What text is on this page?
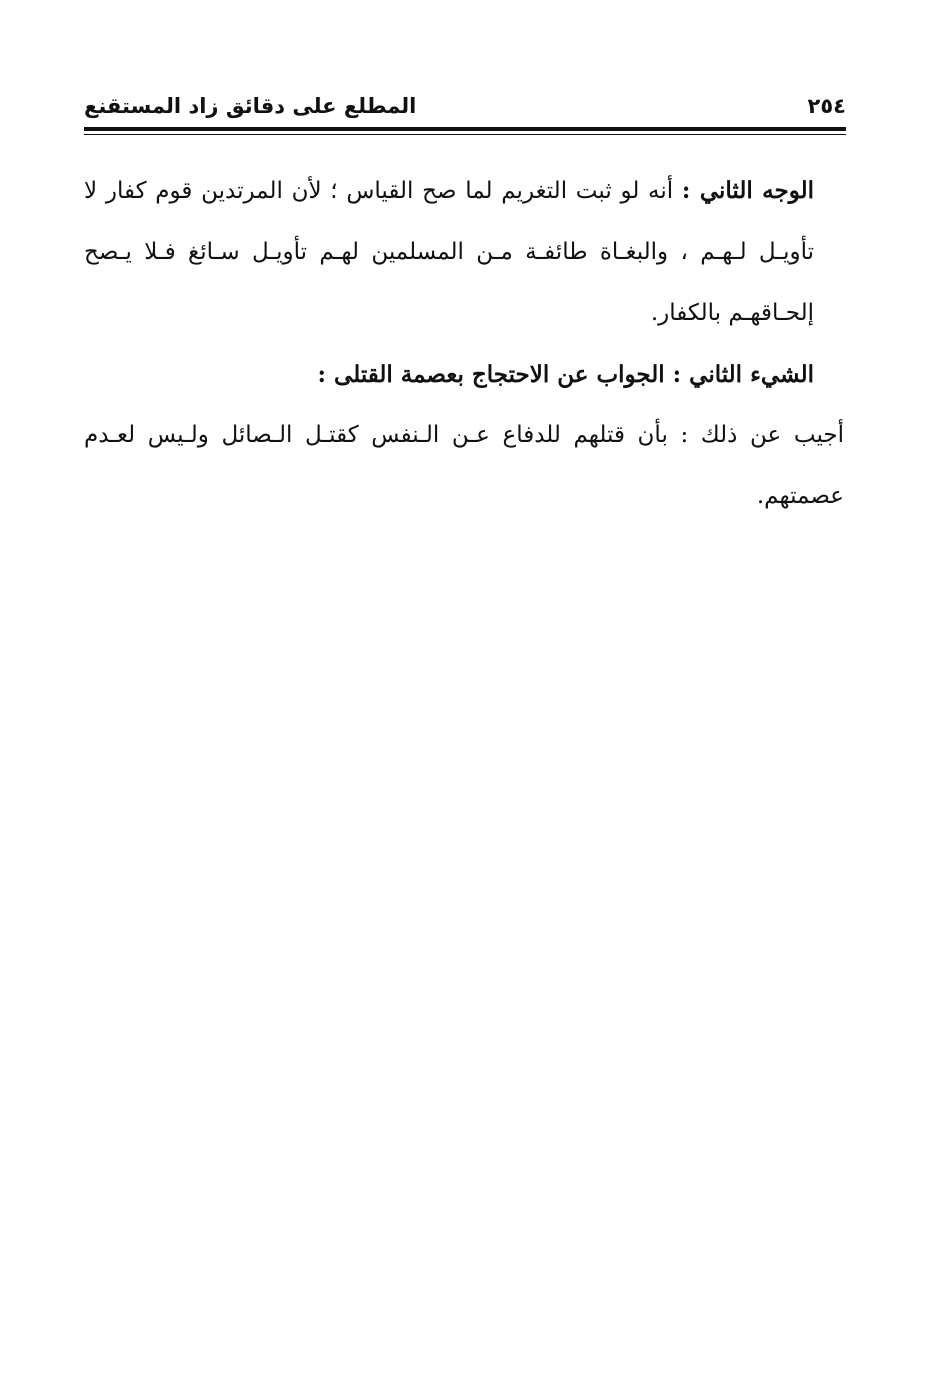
المطلع على دقائق زاد المستقنع	٢٥٤

الوجه الثاني : أنه لو ثبت التغريم لما صح القياس ؛ لأن المرتدين قوم كفار لا تأويـل لـهـم ، والبغـاة طائفـة مـن المسلمين لهـم تأويـل سـائغ فـلا يـصح إلحـاقهـم بالكفار.

الشيء الثاني : الجواب عن الاحتجاج بعصمة القتلى :

أجيب عن ذلك : بأن قتلهم للدفاع عـن الـنفس كقتـل الـصائل ولـيس لعـدم عصمتهم.
